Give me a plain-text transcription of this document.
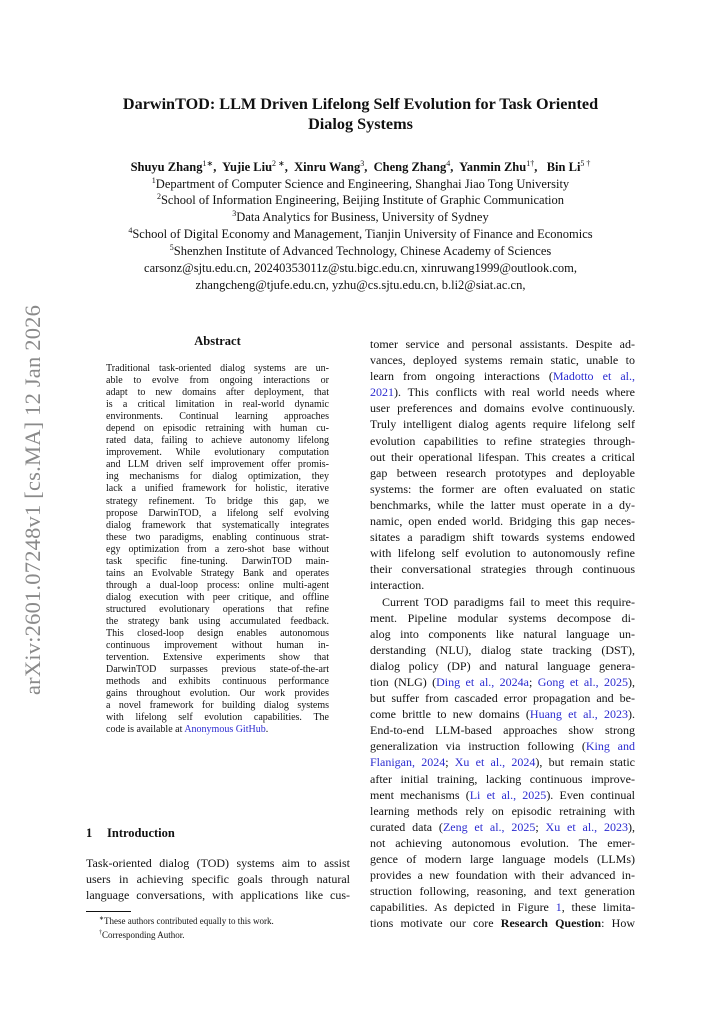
arXiv:2601.07248v1 [cs.MA] 12 Jan 2026
DarwinTOD: LLM Driven Lifelong Self Evolution for Task Oriented
Dialog Systems
Shuyu Zhang$^{1∗}$,  Yujie Liu$^{2 ∗}$,  Xinru Wang$^3$,  Cheng Zhang$^4$,  Yanmin Zhu$^{1\dagger}$,   Bin $Li^{5 \dagger}$
$^1$Department of Computer Science and Engineering, Shanghai Jiao Tong University
$^2$School of Information Engineering, Beijing Institute of Graphic Communication
$^3$Data Analytics for Business, University of Sydney
$^4$School of Digital Economy and Management, Tianjin University of Finance and Economics
$^5$Shenzhen Institute of Advanced Technology, Chinese Academy of Sciences
carsonz@sjtu.edu.cn, 20240353011z@stu.bigc.edu.cn, xinruwang1999@outlook.com,
zhangcheng@tjufe.edu.cn, yzhu@cs.sjtu.edu.cn, b.li2@siat.ac.cn,
Abstract
Traditional task-oriented dialog systems are un-
able to evolve from ongoing interactions or
adapt to new domains after deployment, that
is a critical limitation in real-world dynamic
environments. Continual learning approaches
depend on episodic retraining with human cu-
rated data, failing to achieve autonomy lifelong
improvement. While evolutionary computation
and LLM driven self improvement offer promis-
ing mechanisms for dialog optimization, they
lack a unified framework for holistic, iterative
strategy refinement. To bridge this gap, we
propose DarwinTOD, a lifelong self evolving
dialog framework that systematically integrates
these two paradigms, enabling continuous strat-
egy optimization from a zero-shot base without
task specific fine-tuning. DarwinTOD main-
tains an Evolvable Strategy Bank and operates
through a dual-loop process: online multi-agent
dialog execution with peer critique, and offline
structured evolutionary operations that refine
the strategy bank using accumulated feedback.
This closed-loop design enables autonomous
continuous improvement without human in-
tervention. Extensive experiments show that
DarwinTOD surpasses previous state-of-the-art
methods and exhibits continuous performance
gains throughout evolution. Our work provides
a novel framework for building dialog systems
with lifelong self evolution capabilities. The
code is available at Anonymous GitHub.
1 Introduction
Task-oriented dialog (TOD) systems aim to assist
users in achieving specific goals through natural
language conversations, with applications like cus-
∗These authors contributed equally to this work.
†Corresponding Author.
tomer service and personal assistants. Despite ad-
vances, deployed systems remain static, unable to
learn from ongoing interactions (Madotto et al.,
2021). This conflicts with real world needs where
user preferences and domains evolve continuously.
Truly intelligent dialog agents require lifelong self
evolution capabilities to refine strategies through-
out their operational lifespan. This creates a critical
gap between research prototypes and deployable
systems: the former are often evaluated on static
benchmarks, while the latter must operate in a dy-
namic, open ended world. Bridging this gap neces-
sitates a paradigm shift towards systems endowed
with lifelong self evolution to autonomously refine
their conversational strategies through continuous
interaction.
Current TOD paradigms fail to meet this require-
ment. Pipeline modular systems decompose di-
alog into components like natural language un-
derstanding (NLU), dialog state tracking (DST),
dialog policy (DP) and natural language genera-
tion (NLG) (Ding et al., 2024a; Gong et al., 2025),
but suffer from cascaded error propagation and be-
come brittle to new domains (Huang et al., 2023).
End-to-end LLM-based approaches show strong
generalization via instruction following (King and
Flanigan, 2024; Xu et al., 2024), but remain static
after initial training, lacking continuous improve-
ment mechanisms (Li et al., 2025). Even continual
learning methods rely on episodic retraining with
curated data (Zeng et al., 2025; Xu et al., 2023),
not achieving autonomous evolution. The emer-
gence of modern large language models (LLMs)
provides a new foundation with their advanced in-
struction following, reasoning, and text generation
capabilities. As depicted in Figure 1, these limita-
tions motivate our core Research Question: How
